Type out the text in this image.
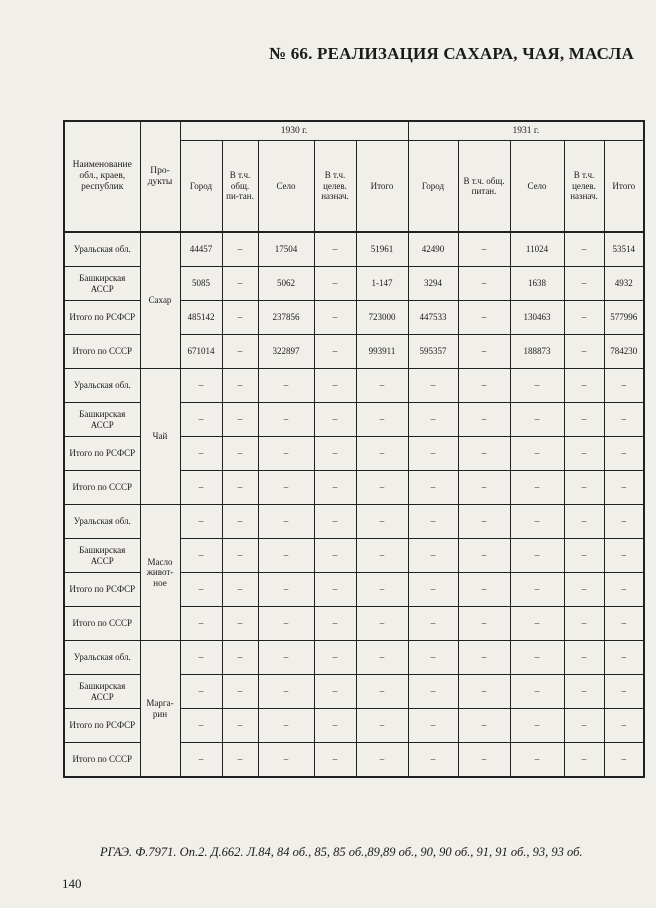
№ 66. РЕАЛИЗАЦИЯ САХАРА, ЧАЯ, МАСЛА
Наименование обл., краев, республик	Про-дукты	1930 г.					1931 г.				
		Город	В т.ч. общ. пи-тан.	Село	В т.ч. целев. назнач.	Итого	Город	В т.ч. общ. питан.	Село	В т.ч. целев. назнач.	Итого
Уральская обл.	Сахар	44457	–	17504	–	51961	42490	–	11024	–	53514
Башкирская АССР		5085	–	5062	–	1-147	3294	–	1638	–	4932
Итого по РСФСР		485142	–	237856	–	723000	447533	–	130463	–	577996
Итого по СССР		671014	–	322897	–	993911	595357	–	188873	–	784230
Уральская обл.	Чай	–	–	–	–	–	–	–	–	–	–
Башкирская АССР		–	–	–	–	–	–	–	–	–	–
Итого по РСФСР		–	–	–	–	–	–	–	–	–	–
Итого по СССР		–	–	–	–	–	–	–	–	–	–
Уральская обл.	Масло живот-ное	–	–	–	–	–	–	–	–	–	–
Башкирская АССР		–	–	–	–	–	–	–	–	–	–
Итого по РСФСР		–	–	–	–	–	–	–	–	–	–
Итого по СССР		–	–	–	–	–	–	–	–	–	–
Уральская обл.	Марга-рин	–	–	–	–	–	–	–	–	–	–
Башкирская АССР		–	–	–	–	–	–	–	–	–	–
Итого по РСФСР		–	–	–	–	–	–	–	–	–	–
Итого по СССР		–	–	–	–	–	–	–	–	–	–
РГАЭ. Ф.7971. Оп.2. Д.662. Л.84, 84 об., 85, 85 об.,89,89 об., 90, 90 об., 91, 91 об., 93, 93 об.
140
